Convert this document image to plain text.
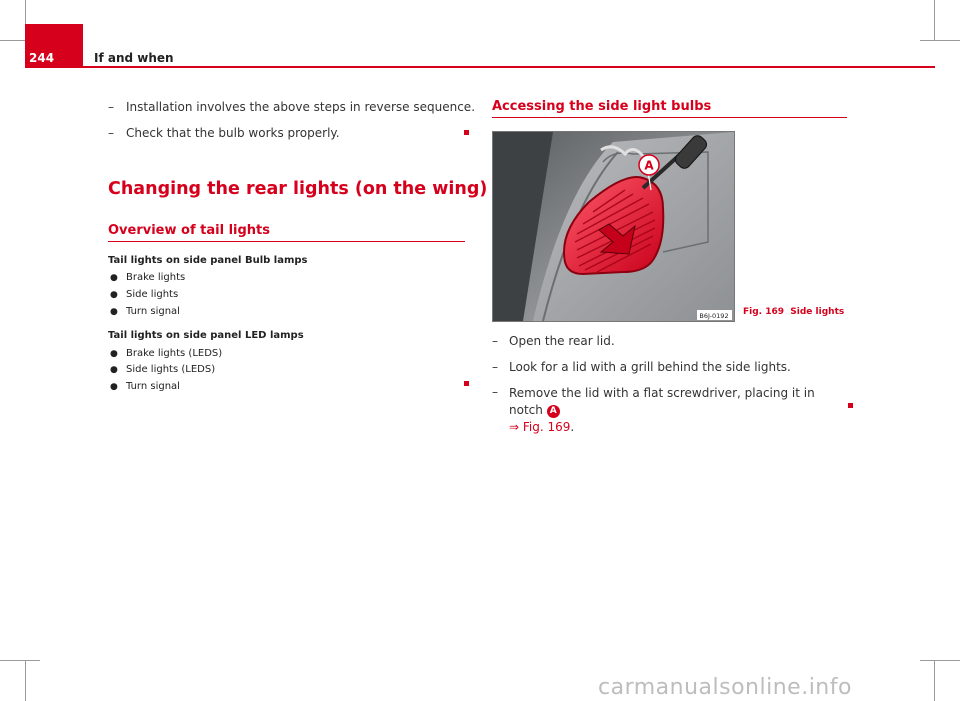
244	If and when
– Installation involves the above steps in reverse sequence.
– Check that the bulb works properly.
Changing the rear lights (on the wing)
Overview of tail lights
Tail lights on side panel Bulb lamps
● Brake lights
● Side lights
● Turn signal
Tail lights on side panel LED lamps
● Brake lights (LEDS)
● Side lights (LEDS)
● Turn signal
Accessing the side light bulbs
A
B6J-0192 Fig. 169 Side lights
– Open the rear lid.
– Look for a lid with a grill behind the side lights.
– Remove the lid with a flat screwdriver, placing it in notch A
⇒ Fig. 169.
carmanualsonline.info
